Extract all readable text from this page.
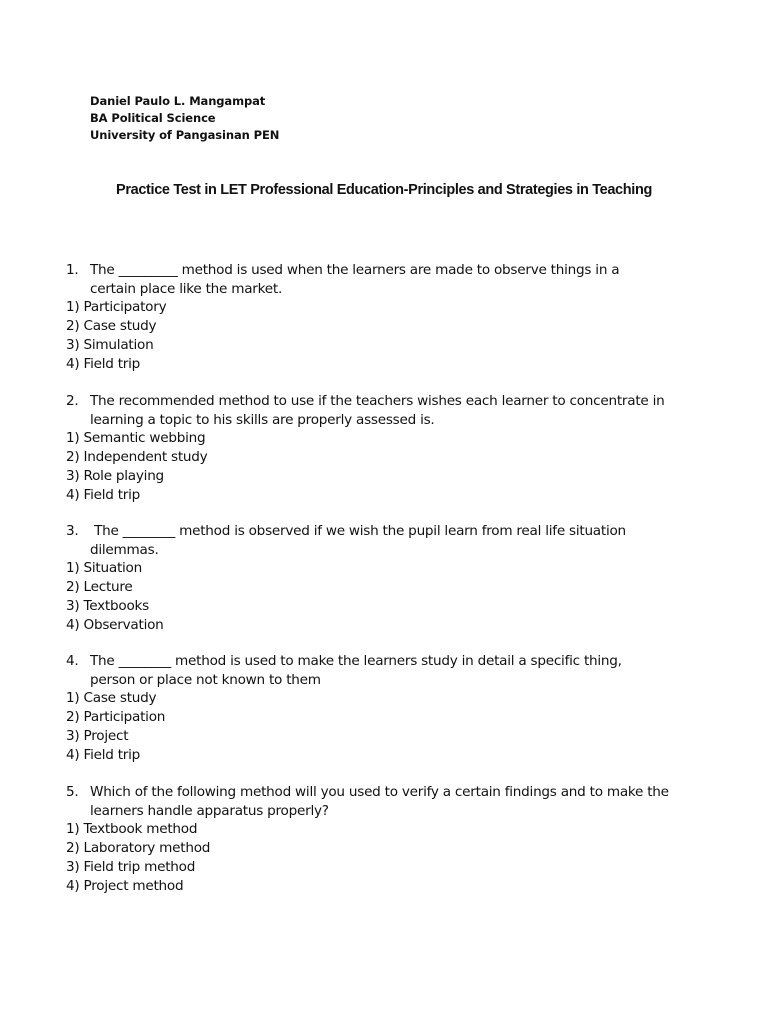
Daniel Paulo L. Mangampat
BA Political Science
University of Pangasinan PEN
Practice Test in LET Professional Education-Principles and Strategies in Teaching
1. The _________ method is used when the learners are made to observe things in a
certain place like the market.
1) Participatory
2) Case study
3) Simulation
4) Field trip
2. The recommended method to use if the teachers wishes each learner to concentrate in
learning a topic to his skills are properly assessed is.
1) Semantic webbing
2) Independent study
3) Role playing
4) Field trip
3. The ________ method is observed if we wish the pupil learn from real life situation
dilemmas.
1) Situation
2) Lecture
3) Textbooks
4) Observation
4. The ________ method is used to make the learners study in detail a specific thing,
person or place not known to them
1) Case study
2) Participation
3) Project
4) Field trip
5. Which of the following method will you used to verify a certain findings and to make the
learners handle apparatus properly?
1) Textbook method
2) Laboratory method
3) Field trip method
4) Project method
